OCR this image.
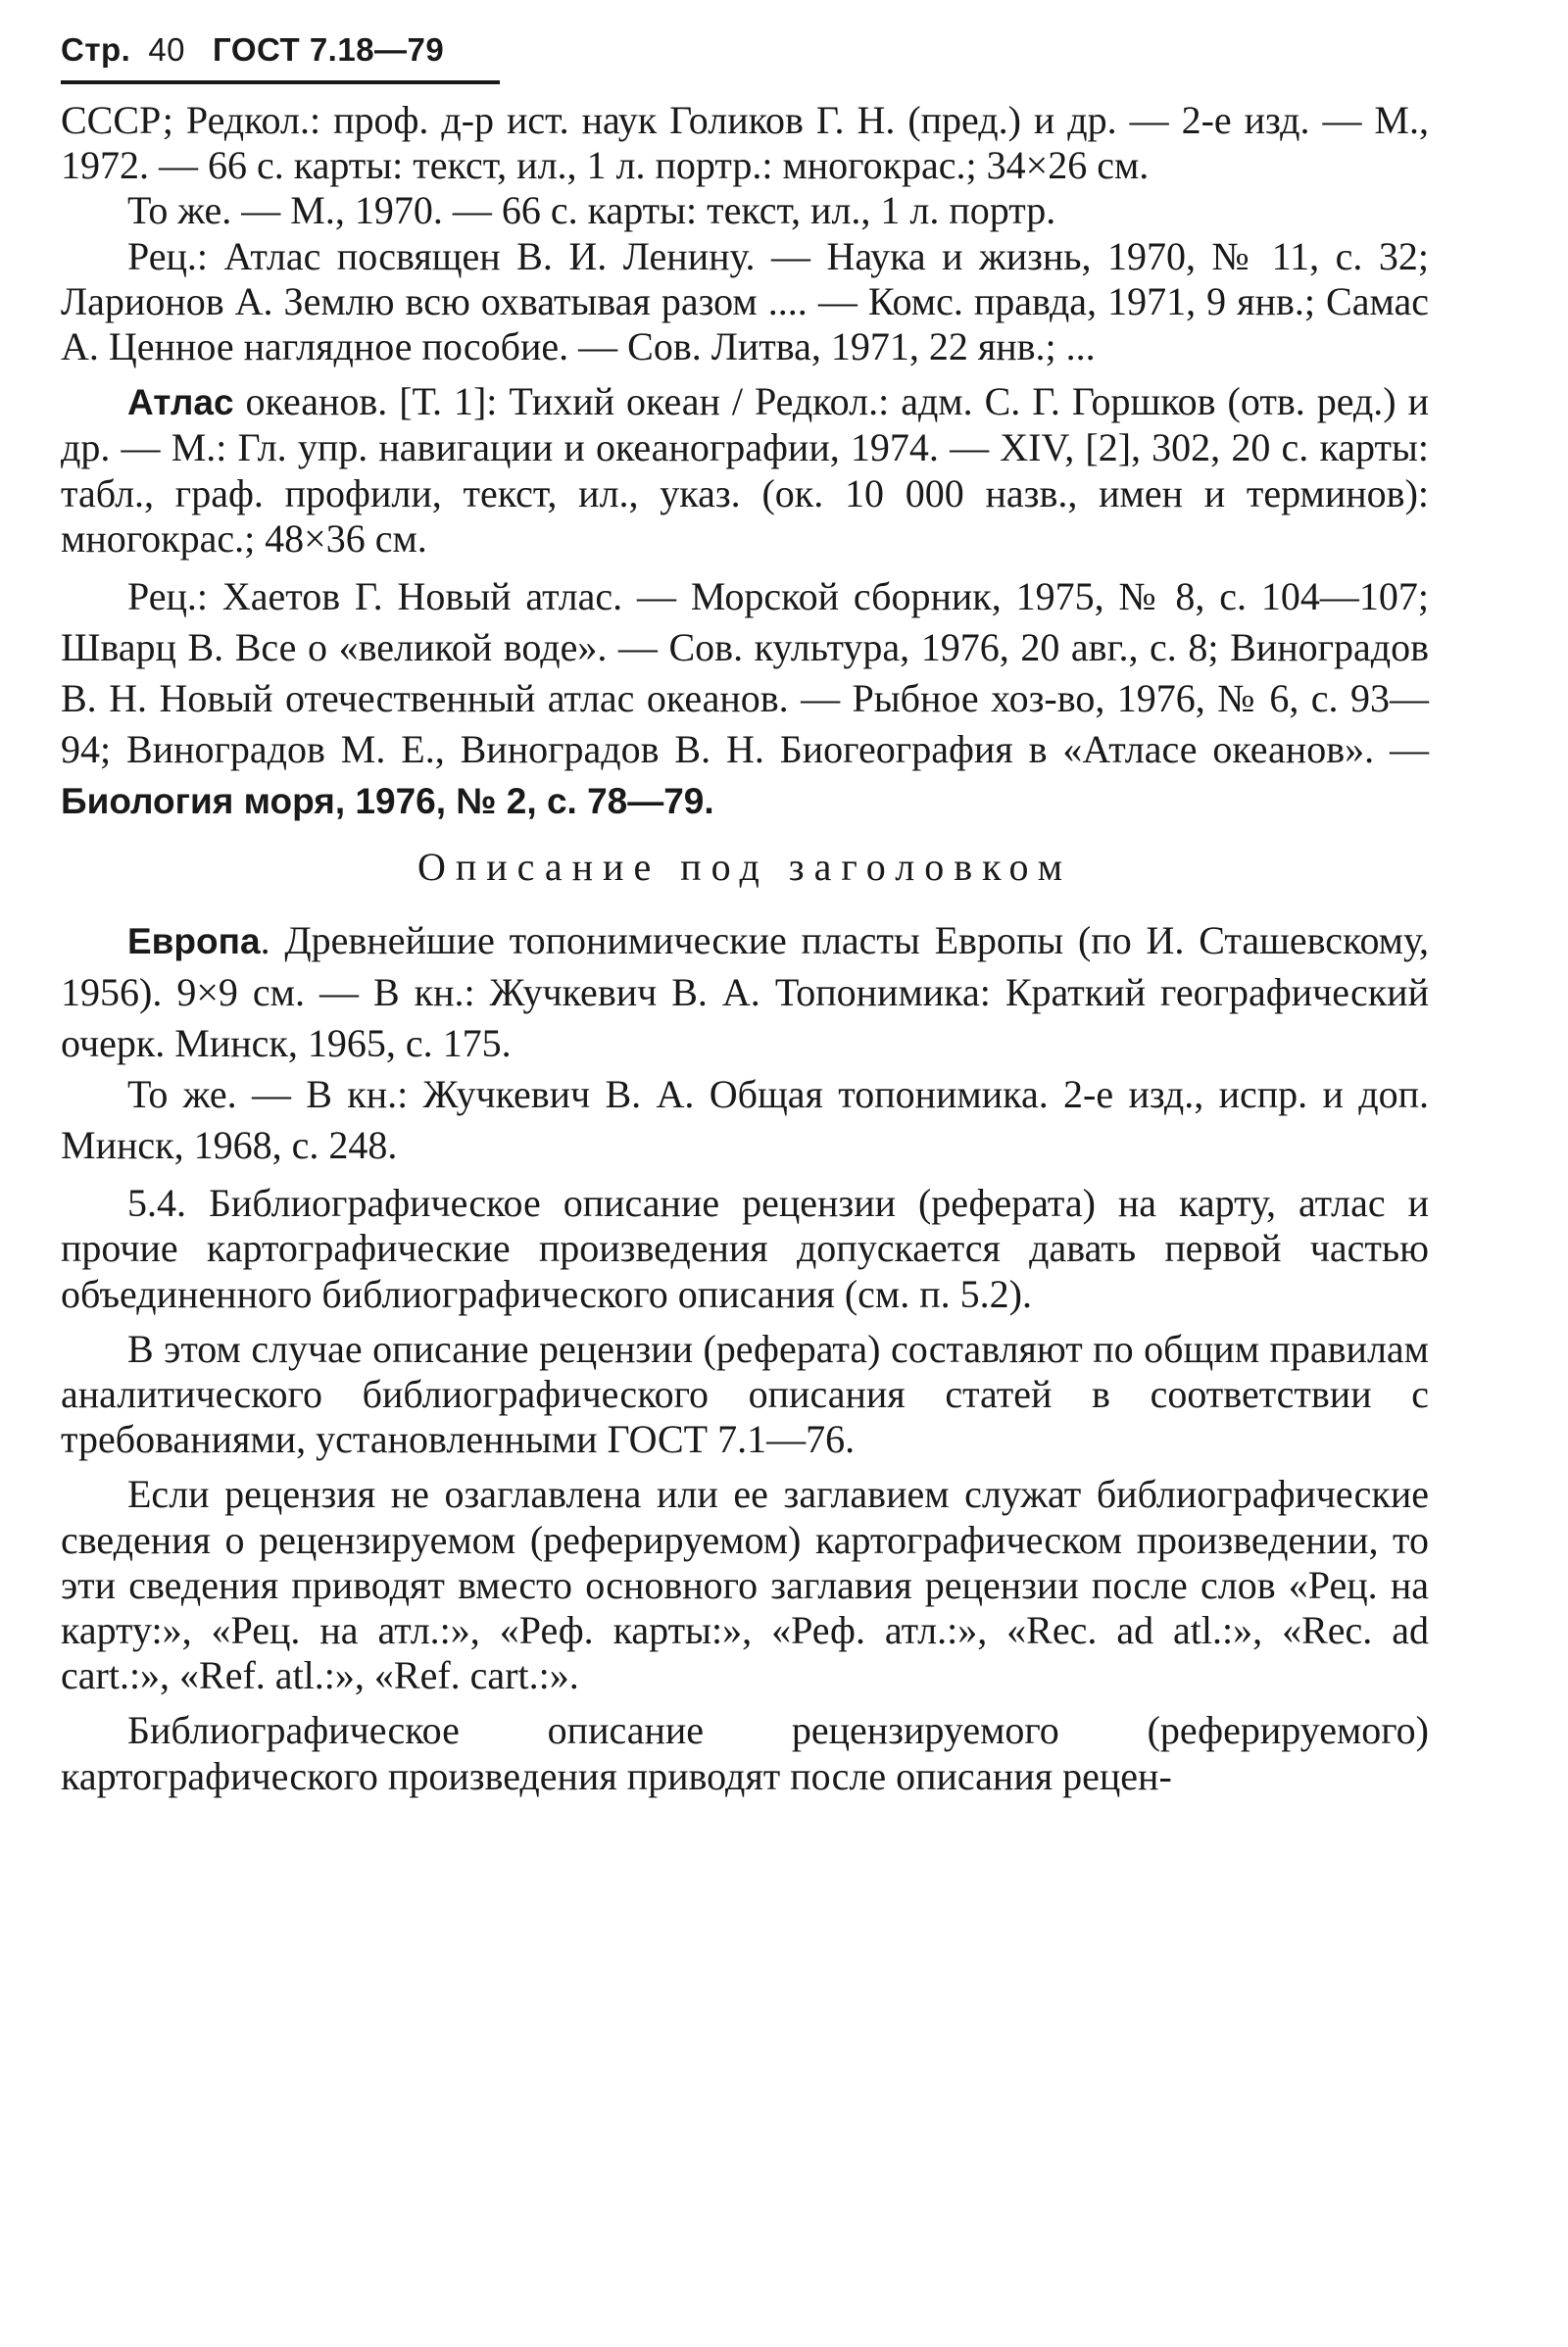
Стр. 40 ГОСТ 7.18—79

СССР; Редкол.: проф. д-р ист. наук Голиков Г. Н. (пред.) и др. — 2-е изд. — М., 1972. — 66 с. карты: текст, ил., 1 л. портр.: многокрас.; 34×26 см.

То же. — М., 1970. — 66 с. карты: текст, ил., 1 л. портр.

Рец.: Атлас посвящен В. И. Ленину. — Наука и жизнь, 1970, № 11, с. 32; Ларионов А. Землю всю охватывая разом .... — Комс. правда, 1971, 9 янв.; Самас А. Ценное наглядное пособие. — Сов. Литва, 1971, 22 янв.; ...

Атлас океанов. [Т. 1]: Тихий океан / Редкол.: адм. С. Г. Горшков (отв. ред.) и др. — М.: Гл. упр. навигации и океанографии, 1974. — XIV, [2], 302, 20 с. карты: табл., граф. профили, текст, ил., указ. (ок. 10 000 назв., имен и терминов): многокрас.; 48×36 см.

Рец.: Хаетов Г. Новый атлас. — Морской сборник, 1975, № 8, с. 104—107; Шварц В. Все о «великой воде». — Сов. культура, 1976, 20 авг., с. 8; Виноградов В. Н. Новый отечественный атлас океанов. — Рыбное хоз-во, 1976, № 6, с. 93—94; Виноградов М. Е., Виноградов В. Н. Биогеография в «Атласе океанов». — Биология моря, 1976, № 2, с. 78—79.

Описание под заголовком

Европа. Древнейшие топонимические пласты Европы (по И. Сташевскому, 1956). 9×9 см. — В кн.: Жучкевич В. А. Топонимика: Краткий географический очерк. Минск, 1965, с. 175.

То же. — В кн.: Жучкевич В. А. Общая топонимика. 2-е изд., испр. и доп. Минск, 1968, с. 248.

5.4. Библиографическое описание рецензии (реферата) на карту, атлас и прочие картографические произведения допускается давать первой частью объединенного библиографического описания (см. п. 5.2).

В этом случае описание рецензии (реферата) составляют по общим правилам аналитического библиографического описания статей в соответствии с требованиями, установленными ГОСТ 7.1—76.

Если рецензия не озаглавлена или ее заглавием служат библиографические сведения о рецензируемом (реферируемом) картографическом произведении, то эти сведения приводят вместо основного заглавия рецензии после слов «Рец. на карту:», «Рец. на атл.:», «Реф. карты:», «Реф. атл.:», «Rec. ad atl.:», «Rec. ad cart.:», «Ref. atl.:», «Ref. cart.:».

Библиографическое описание рецензируемого (реферируемого) картографического произведения приводят после описания рецен-
